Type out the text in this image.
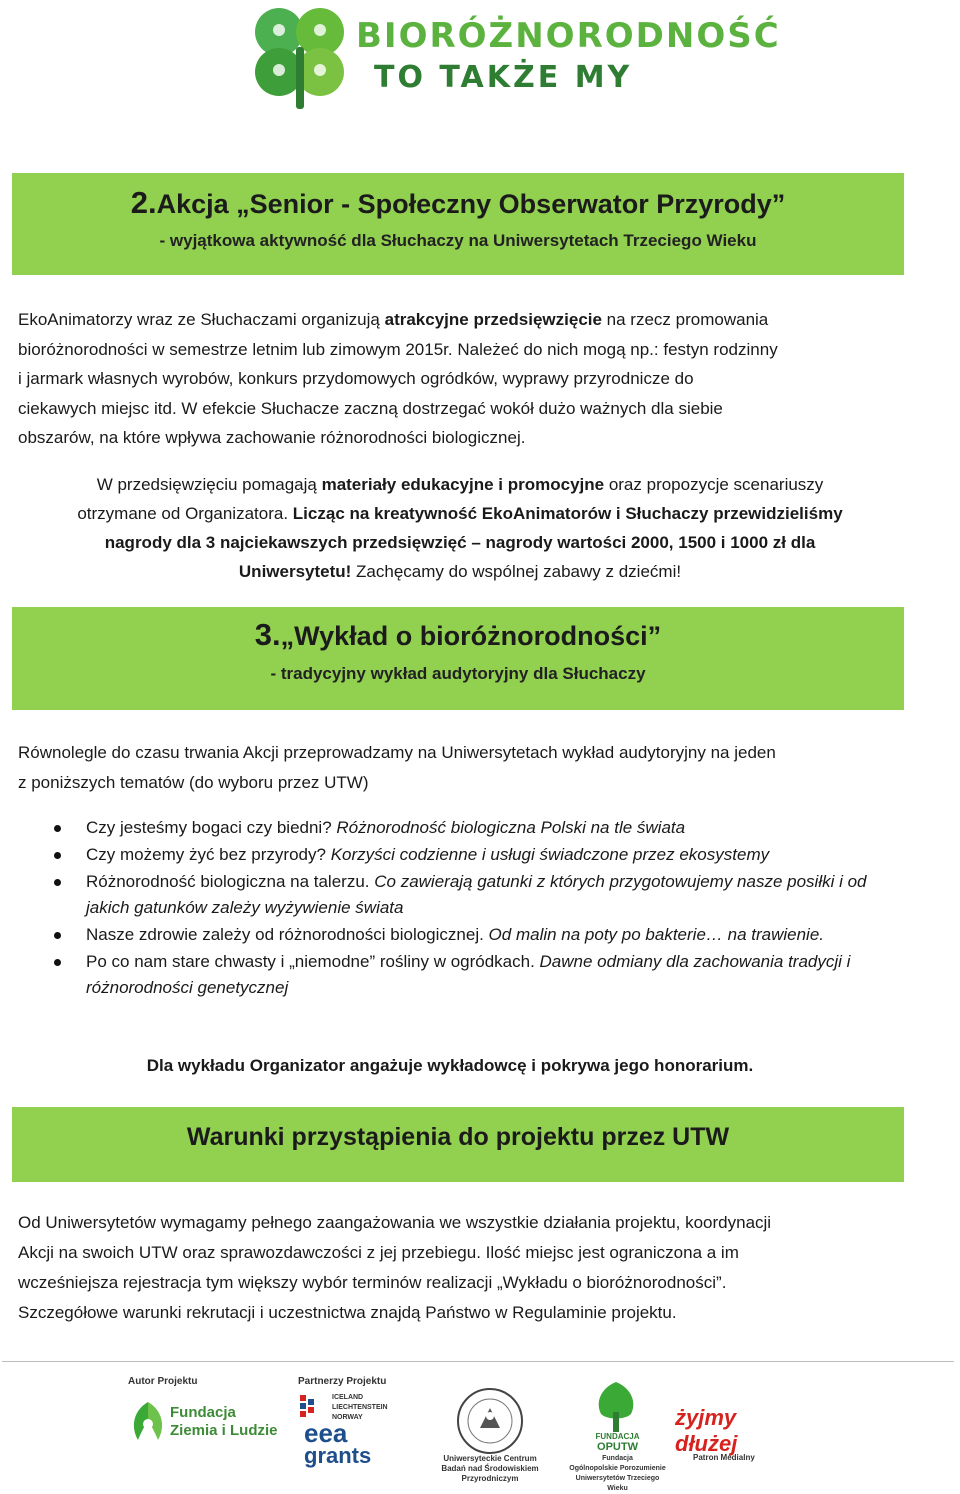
BIORÓŻNORODNOŚĆ
TO TAKŻE MY
2.Akcja „Senior - Społeczny Obserwator Przyrody”
- wyjątkowa aktywność dla Słuchaczy na Uniwersytetach Trzeciego Wieku
EkoAnimatorzy wraz ze Słuchaczami organizują atrakcyjne przedsięwzięcie na rzecz promowania
bioróżnorodności w semestrze letnim lub zimowym 2015r. Należeć do nich mogą np.: festyn rodzinny
i jarmark własnych wyrobów, konkurs przydomowych ogródków, wyprawy przyrodnicze do
ciekawych miejsc itd. W efekcie Słuchacze zaczną dostrzegać wokół dużo ważnych dla siebie
obszarów, na które wpływa zachowanie różnorodności biologicznej.
W przedsięwzięciu pomagają materiały edukacyjne i promocyjne oraz propozycje scenariuszy
otrzymane od Organizatora. Licząc na kreatywność EkoAnimatorów i Słuchaczy przewidzieliśmy
nagrody dla 3 najciekawszych przedsięwzięć – nagrody wartości 2000, 1500 i 1000 zł dla
Uniwersytetu! Zachęcamy do wspólnej zabawy z dziećmi!
3.„Wykład o bioróżnorodności”
- tradycyjny wykład audytoryjny dla Słuchaczy
Równolegle do czasu trwania Akcji przeprowadzamy na Uniwersytetach wykład audytoryjny na jeden
z poniższych tematów (do wyboru przez UTW)
Czy jesteśmy bogaci czy biedni? Różnorodność biologiczna Polski na tle świata
Czy możemy żyć bez przyrody? Korzyści codzienne i usługi świadczone przez ekosystemy
Różnorodność biologiczna na talerzu. Co zawierają gatunki z których przygotowujemy nasze posiłki i od jakich gatunków zależy wyżywienie świata
Nasze zdrowie zależy od różnorodności biologicznej. Od malin na poty po bakterie… na trawienie.
Po co nam stare chwasty i „niemodne” rośliny w ogródkach. Dawne odmiany dla zachowania tradycji i różnorodności genetycznej
Dla wykładu Organizator angażuje wykładowcę i pokrywa jego honorarium.
Warunki przystąpienia do projektu przez UTW
Od Uniwersytetów wymagamy pełnego zaangażowania we wszystkie działania projektu, koordynacji
Akcji na swoich UTW oraz sprawozdawczości z jej przebiegu. Ilość miejsc jest ograniczona a im
wcześniejsza rejestracja tym większy wybór terminów realizacji „Wykładu o bioróżnorodności”.
Szczegółowe warunki rekrutacji i uczestnictwa znajdą Państwo w Regulaminie projektu.
Autor Projektu	Partnerzy Projektu
Fundacja
Ziemia i Ludzie
ICELAND
LIECHTENSTEIN
NORWAY
eea
grants	Uniwersyteckie Centrum
Badań nad Środowiskiem
Przyrodniczym
FUNDACJA
OPUTW
Fundacja
Ogólnopolskie Porozumienie
Uniwersytetów Trzeciego Wieku
żyjmy dłużej
Patron Medialny
